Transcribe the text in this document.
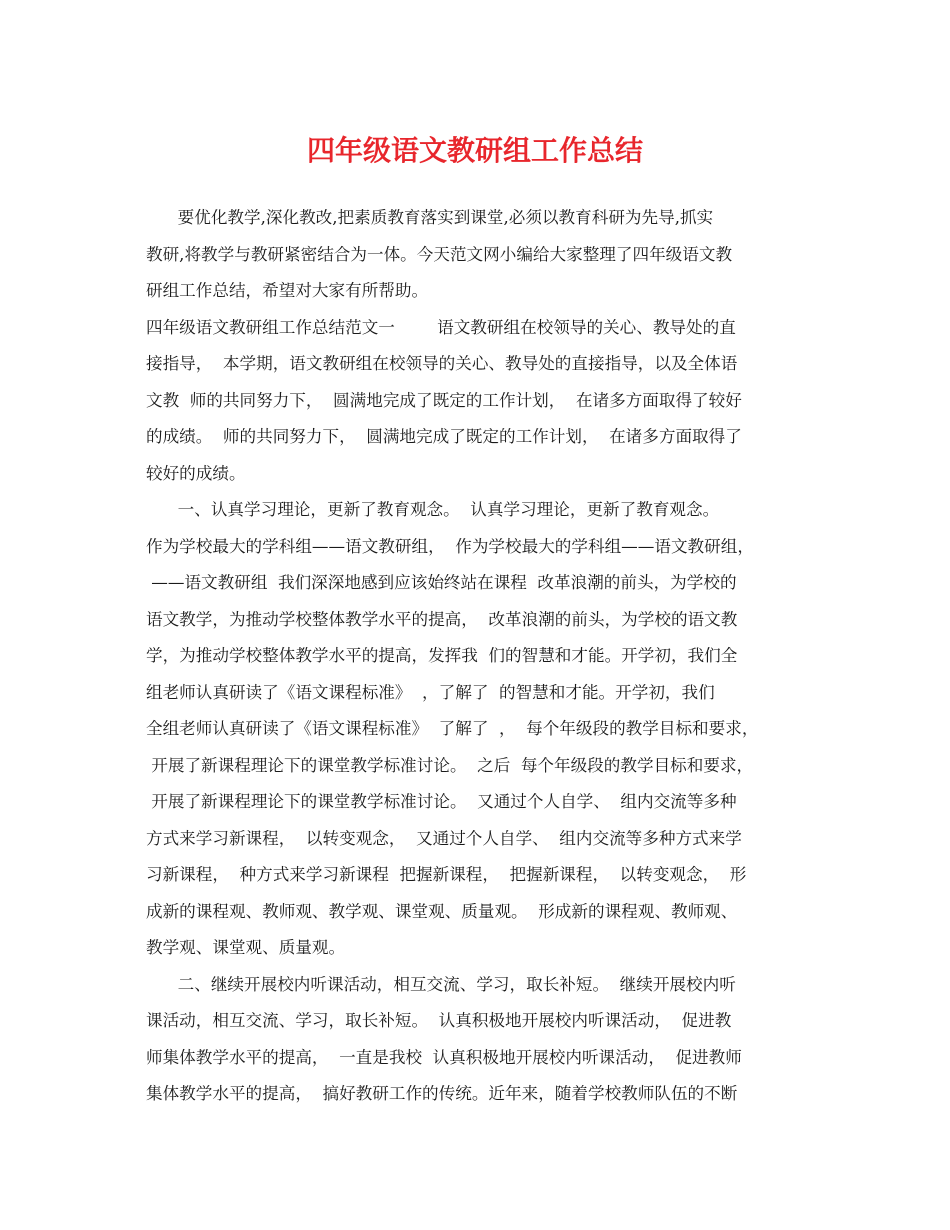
四年级语文教研组工作总结
要优化教学,深化教改,把素质教育落实到课堂,必须以教育科研为先导,抓实
教研,将教学与教研紧密结合为一体。今天范文网小编给大家整理了四年级语文教
研组工作总结，希望对大家有所帮助。
四年级语文教研组工作总结范文一        语文教研组在校领导的关心、教导处的直
接指导，  本学期，语文教研组在校领导的关心、教导处的直接指导，以及全体语
文教  师的共同努力下，  圆满地完成了既定的工作计划，  在诸多方面取得了较好
的成绩。  师的共同努力下，  圆满地完成了既定的工作计划，  在诸多方面取得了
较好的成绩。
一、认真学习理论，更新了教育观念。  认真学习理论，更新了教育观念。
作为学校最大的学科组——语文教研组，  作为学校最大的学科组——语文教研组，
——语文教研组  我们深深地感到应该始终站在课程  改革浪潮的前头，为学校的
语文教学，为推动学校整体教学水平的提高，  改革浪潮的前头，为学校的语文教
学，为推动学校整体教学水平的提高，发挥我  们的智慧和才能。开学初，我们全
组老师认真研读了《语文课程标准》  ，了解了  的智慧和才能。开学初，我们
全组老师认真研读了《语文课程标准》  了解了  ，  每个年级段的教学目标和要求，
开展了新课程理论下的课堂教学标准讨论。  之后  每个年级段的教学目标和要求，
开展了新课程理论下的课堂教学标准讨论。  又通过个人自学、  组内交流等多种
方式来学习新课程，  以转变观念，  又通过个人自学、  组内交流等多种方式来学
习新课程，  种方式来学习新课程  把握新课程，  把握新课程，  以转变观念，  形
成新的课程观、教师观、教学观、课堂观、质量观。  形成新的课程观、教师观、
教学观、课堂观、质量观。
二、继续开展校内听课活动，相互交流、学习，取长补短。  继续开展校内听
课活动，相互交流、学习，取长补短。  认真积极地开展校内听课活动，  促进教
师集体教学水平的提高，  一直是我校  认真积极地开展校内听课活动，  促进教师
集体教学水平的提高，  搞好教研工作的传统。近年来，随着学校教师队伍的不断
